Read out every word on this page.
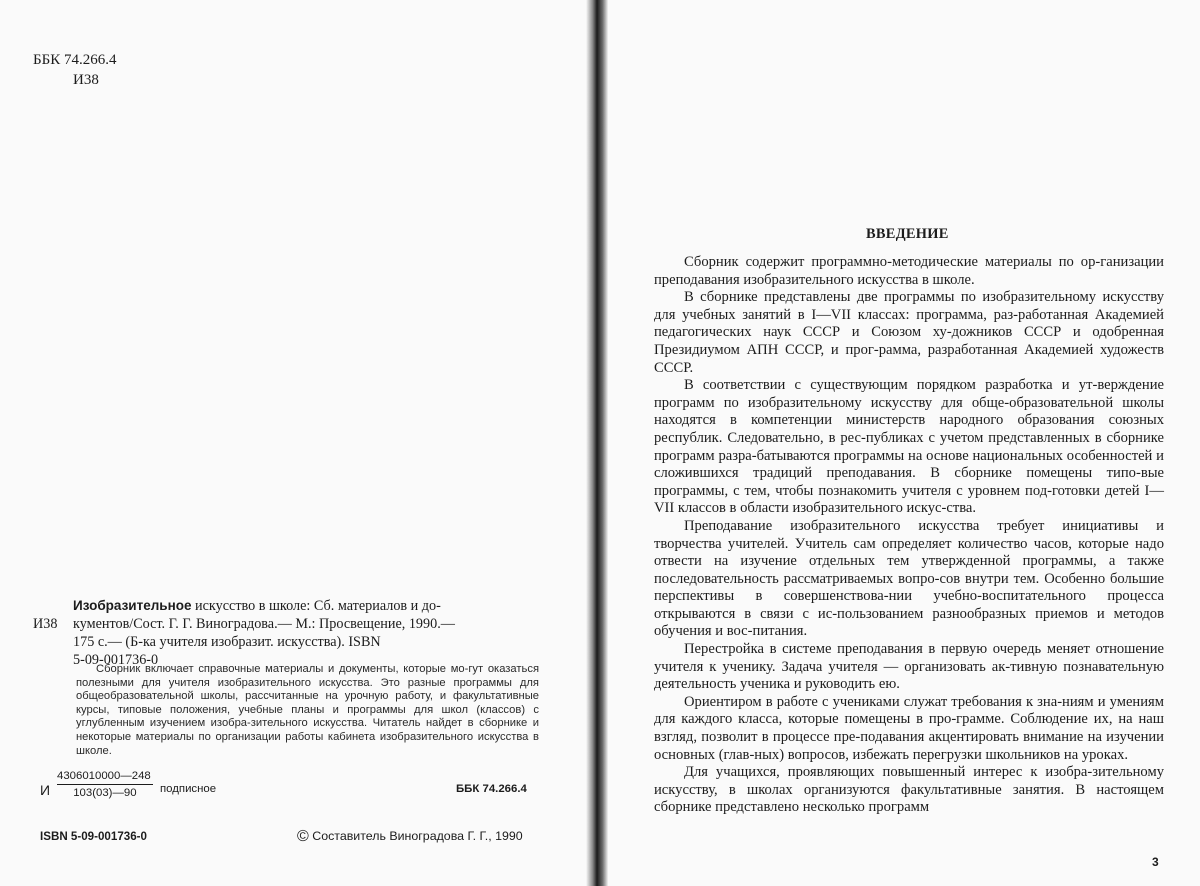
ББК 74.266.4
И38
Изобразительное искусство в школе: Сб. материалов и до-
И38	кументов/Сост. Г. Г. Виноградова.— М.: Просвещение, 1990.—
175 с.— (Б-ка учителя изобразит. искусства). ISBN
5-09-001736-0
Сборник включает справочные материалы и документы, которые мо-гут оказаться полезными для учителя изобразительного искусства. Это разные программы для общеобразовательной школы, рассчитанные на урочную работу, и факультативные курсы, типовые положения, учебные планы и программы для школ (классов) с углубленным изучением изобра-зительного искусства. Читатель найдет в сборнике и некоторые материалы по организации работы кабинета изобразительного искусства в школе.
И $\frac{4306010000—248}{103(03)—90}$ подписное	ББК 74.266.4
ISBN 5-09-001736-0	© Составитель Виноградова Г. Г., 1990
ВВЕДЕНИЕ

Сборник содержит программно-методические материалы по ор-ганизации преподавания изобразительного искусства в школе.

В сборнике представлены две программы по изобразительному искусству для учебных занятий в I—VII классах: программа, раз-работанная Академией педагогических наук СССР и Союзом ху-дожников СССР и одобренная Президиумом АПН СССР, и прог-рамма, разработанная Академией художеств СССР.

В соответствии с существующим порядком разработка и ут-верждение программ по изобразительному искусству для обще-образовательной школы находятся в компетенции министерств народного образования союзных республик. Следовательно, в рес-публиках с учетом представленных в сборнике программ разра-батываются программы на основе национальных особенностей и сложившихся традиций преподавания. В сборнике помещены типо-вые программы, с тем, чтобы познакомить учителя с уровнем под-готовки детей I—VII классов в области изобразительного искус-ства.

Преподавание изобразительного искусства требует инициативы и творчества учителей. Учитель сам определяет количество часов, которые надо отвести на изучение отдельных тем утвержденной программы, а также последовательность рассматриваемых вопро-сов внутри тем. Особенно большие перспективы в совершенствова-нии учебно-воспитательного процесса открываются в связи с ис-пользованием разнообразных приемов и методов обучения и вос-питания.

Перестройка в системе преподавания в первую очередь меняет отношение учителя к ученику. Задача учителя — организовать ак-тивную познавательную деятельность ученика и руководить ею.

Ориентиром в работе с учениками служат требования к зна-ниям и умениям для каждого класса, которые помещены в про-грамме. Соблюдение их, на наш взгляд, позволит в процессе пре-подавания акцентировать внимание на изучении основных (глав-ных) вопросов, избежать перегрузки школьников на уроках.

Для учащихся, проявляющих повышенный интерес к изобра-зительному искусству, в школах организуются факультативные занятия. В настоящем сборнике представлено несколько программ

3
